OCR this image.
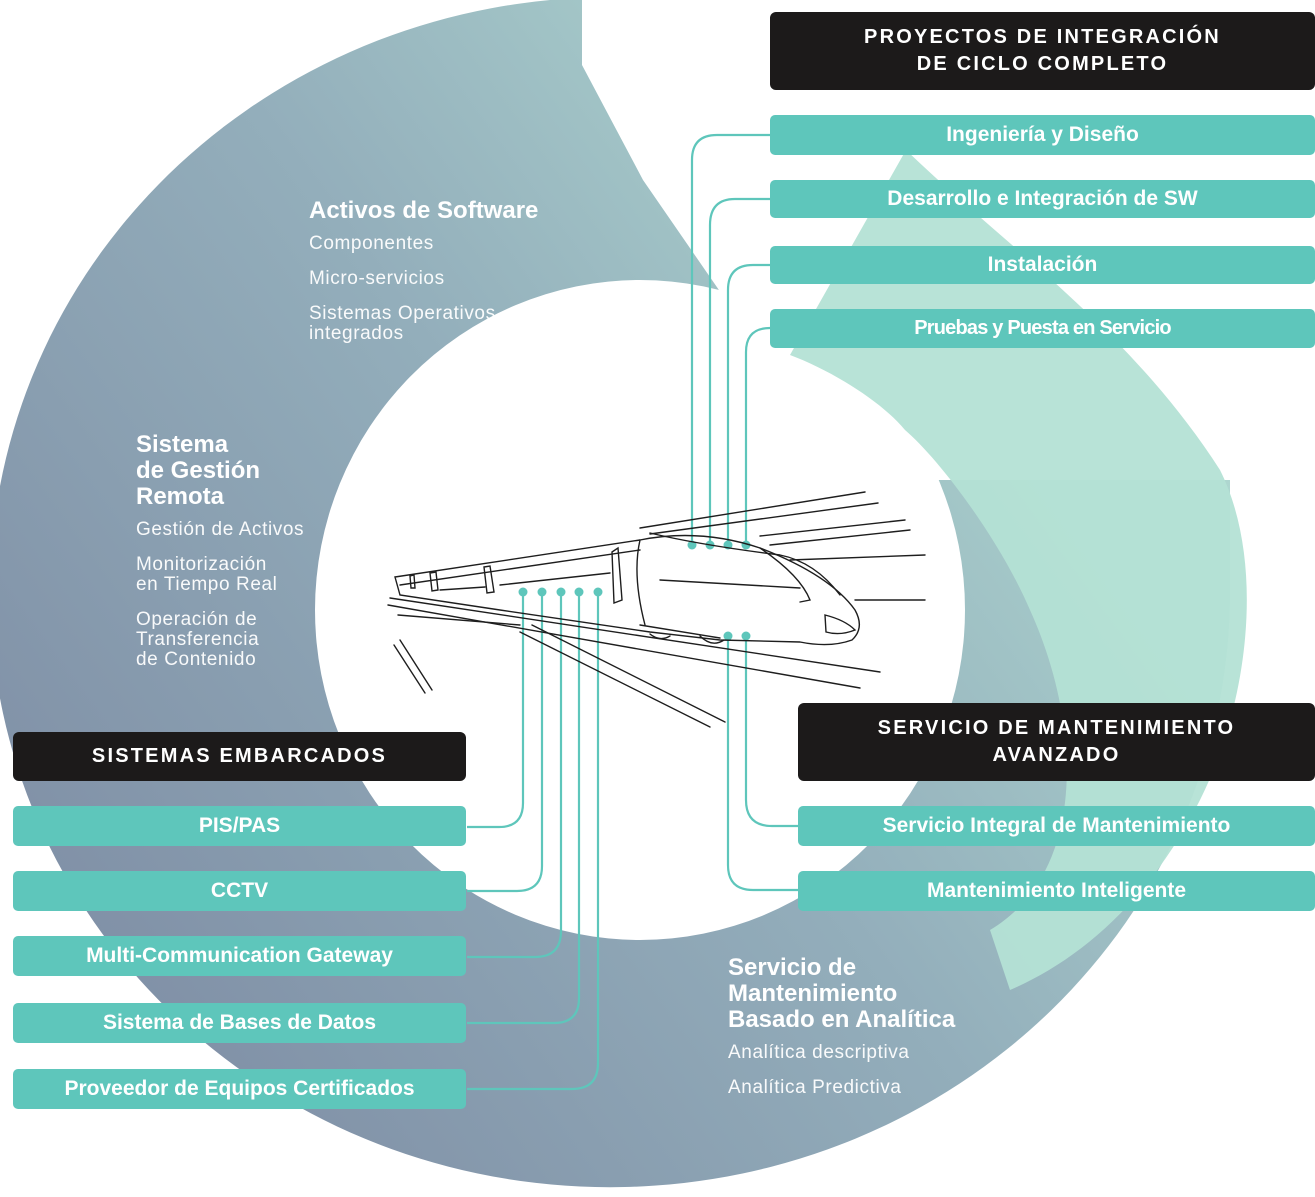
PROYECTOS DE INTEGRACIÓN
DE CICLO COMPLETO
Ingeniería y Diseño
Desarrollo e Integración de SW
Instalación
Pruebas y Puesta en Servicio
SERVICIO DE MANTENIMIENTO
AVANZADO
Servicio Integral de Mantenimiento
Mantenimiento Inteligente
SISTEMAS EMBARCADOS
PIS/PAS
CCTV
Multi-Communication Gateway
Sistema de Bases de Datos
Proveedor de Equipos Certificados
Activos de Software
Componentes
Micro-servicios
Sistemas Operativos
integrados
Sistema
de Gestión
Remota
Gestión de Activos
Monitorización
en Tiempo Real
Operación de
Transferencia
de Contenido
Servicio de
Mantenimiento
Basado en Analítica
Analítica descriptiva
Analítica Predictiva
